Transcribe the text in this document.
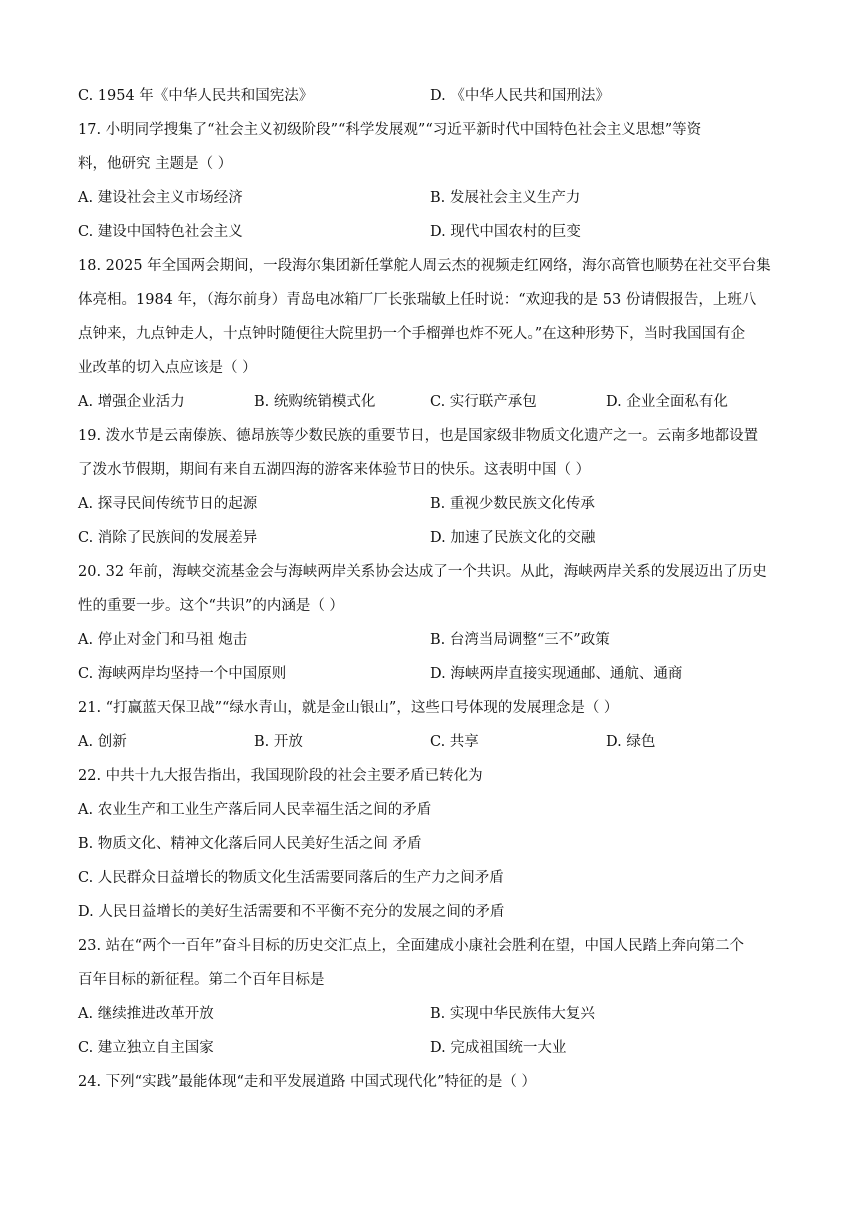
C. 1954 年《中华人民共和国宪法》	D. 《中华人民共和国刑法》
17. 小明同学搜集了“社会主义初级阶段”“科学发展观”“习近平新时代中国特色社会主义思想”等资
料，他研究 主题是（ ）
A. 建设社会主义市场经济	B. 发展社会主义生产力
C. 建设中国特色社会主义	D. 现代中国农村的巨变
18. 2025 年全国两会期间，一段海尔集团新任掌舵人周云杰的视频走红网络，海尔高管也顺势在社交平台集
体亮相。1984 年，（海尔前身）青岛电冰箱厂厂长张瑞敏上任时说：“欢迎我的是 53 份请假报告，上班八
点钟来，九点钟走人，十点钟时随便往大院里扔一个手榴弹也炸不死人。”在这种形势下，当时我国国有企
业改革的切入点应该是（ ）
A. 增强企业活力	B. 统购统销模式化	C. 实行联产承包	D. 企业全面私有化
19. 泼水节是云南傣族、德昂族等少数民族的重要节日，也是国家级非物质文化遗产之一。云南多地都设置
了泼水节假期，期间有来自五湖四海的游客来体验节日的快乐。这表明中国（ ）
A. 探寻民间传统节日的起源	B. 重视少数民族文化传承
C. 消除了民族间的发展差异	D. 加速了民族文化的交融
20. 32 年前，海峡交流基金会与海峡两岸关系协会达成了一个共识。从此，海峡两岸关系的发展迈出了历史
性的重要一步。这个“共识”的内涵是（ ）
A. 停止对金门和马祖 炮击	B. 台湾当局调整“三不”政策
C. 海峡两岸均坚持一个中国原则	D. 海峡两岸直接实现通邮、通航、通商
21. “打赢蓝天保卫战”“绿水青山，就是金山银山”，这些口号体现的发展理念是（ ）
A. 创新	B. 开放	C. 共享	D. 绿色
22. 中共十九大报告指出，我国现阶段的社会主要矛盾已转化为
A. 农业生产和工业生产落后同人民幸福生活之间的矛盾
B. 物质文化、精神文化落后同人民美好生活之间 矛盾
C. 人民群众日益增长的物质文化生活需要同落后的生产力之间矛盾
D. 人民日益增长的美好生活需要和不平衡不充分的发展之间的矛盾
23. 站在“两个一百年”奋斗目标的历史交汇点上，全面建成小康社会胜利在望，中国人民踏上奔向第二个
百年目标的新征程。第二个百年目标是
A. 继续推进改革开放	B. 实现中华民族伟大复兴
C. 建立独立自主国家	D. 完成祖国统一大业
24. 下列“实践”最能体现“走和平发展道路 中国式现代化”特征的是（ ）
